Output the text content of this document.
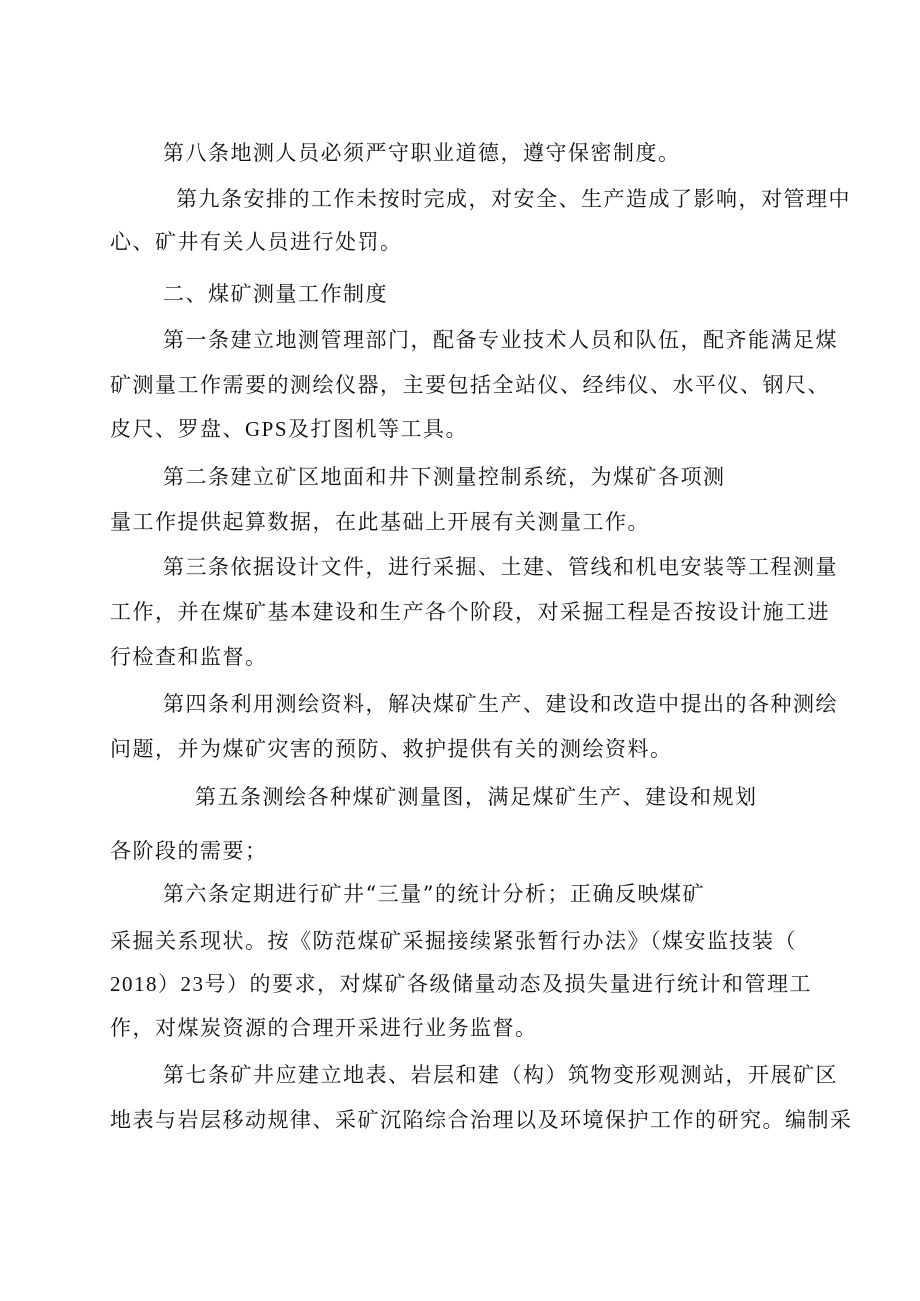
第八条地测人员必须严守职业道德，遵守保密制度。
第九条安排的工作未按时完成，对安全、生产造成了影响，对管理中
心、矿井有关人员进行处罚。
二、煤矿测量工作制度
第一条建立地测管理部门，配备专业技术人员和队伍，配齐能满足煤
矿测量工作需要的测绘仪器，主要包括全站仪、经纬仪、水平仪、钢尺、
皮尺、罗盘、GPS及打图机等工具。
第二条建立矿区地面和井下测量控制系统，为煤矿各项测
量工作提供起算数据，在此基础上开展有关测量工作。
第三条依据设计文件，进行采掘、土建、管线和机电安装等工程测量
工作，并在煤矿基本建设和生产各个阶段，对采掘工程是否按设计施工进
行检查和监督。
第四条利用测绘资料，解决煤矿生产、建设和改造中提出的各种测绘
问题，并为煤矿灾害的预防、救护提供有关的测绘资料。
第五条测绘各种煤矿测量图，满足煤矿生产、建设和规划
各阶段的需要；
第六条定期进行矿井“三量”的统计分析；正确反映煤矿
采掘关系现状。按《防范煤矿采掘接续紧张暂行办法》（煤安监技装（
2018）23号）的要求，对煤矿各级储量动态及损失量进行统计和管理工
作，对煤炭资源的合理开采进行业务监督。
第七条矿井应建立地表、岩层和建（构）筑物变形观测站，开展矿区
地表与岩层移动规律、采矿沉陷综合治理以及环境保护工作的研究。编制采
